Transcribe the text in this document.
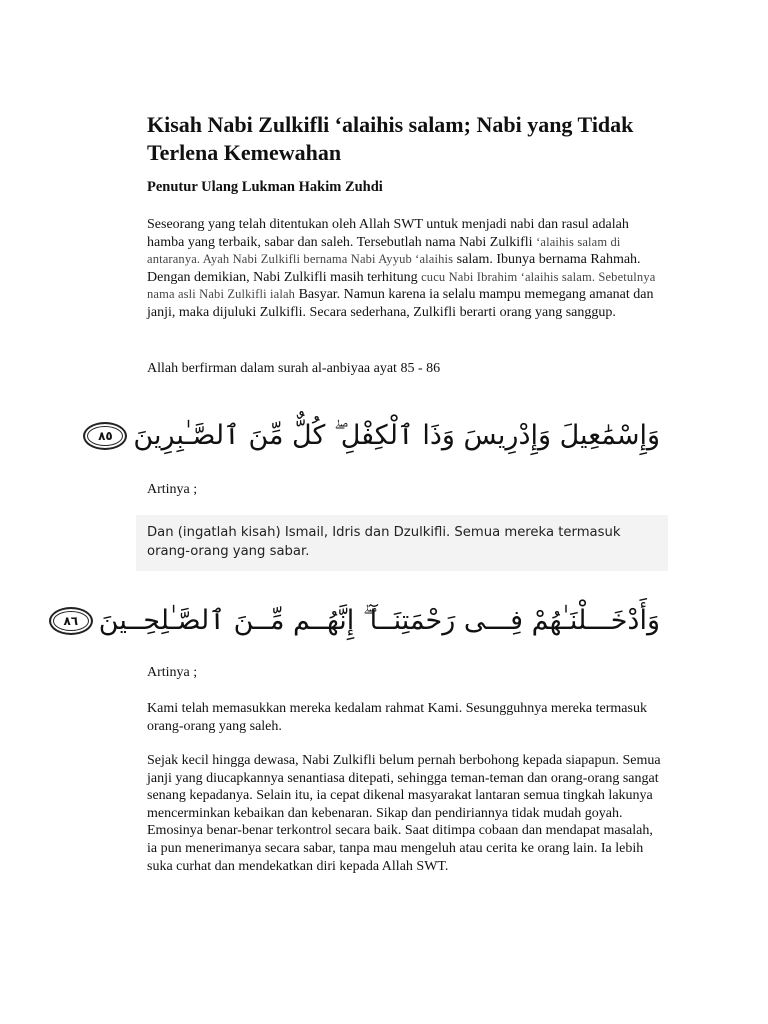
Kisah Nabi Zulkifli ‘alaihis salam; Nabi yang Tidak Terlena Kemewahan

Penutur Ulang Lukman Hakim Zuhdi

Seseorang yang telah ditentukan oleh Allah SWT untuk menjadi nabi dan rasul adalah hamba yang terbaik, sabar dan saleh. Tersebutlah nama Nabi Zulkifli ‘alaihis salam di antaranya. Ayah Nabi Zulkifli bernama Nabi Ayyub ‘alaihis salam. Ibunya bernama Rahmah. Dengan demikian, Nabi Zulkifli masih terhitung cucu Nabi Ibrahim ‘alaihis salam. Sebetulnya nama asli Nabi Zulkifli ialah Basyar. Namun karena ia selalu mampu memegang amanat dan janji, maka dijuluki Zulkifli. Secara sederhana, Zulkifli berarti orang yang sanggup.

Allah berfirman dalam surah al-anbiyaa ayat 85 - 86

٨٥ وَإِسْمَٰعِيلَ وَإِدْرِيسَ وَذَا ٱلْكِفْلِ ۖ كُلٌّ مِّنَ ٱلصَّـٰبِرِينَ

Artinya ;

Dan (ingatlah kisah) Ismail, Idris dan Dzulkifli. Semua mereka termasuk orang-orang yang sabar.

٨٦ وَأَدْخَـــلْنَـٰهُمْ فِـــى رَحْمَتِنَــآ ۖ إِنَّهُــم مِّــنَ ٱلصَّـٰلِحِــينَ

Artinya ;

Kami telah memasukkan mereka kedalam rahmat Kami. Sesungguhnya mereka termasuk orang-orang yang saleh.

Sejak kecil hingga dewasa, Nabi Zulkifli belum pernah berbohong kepada siapapun. Semua janji yang diucapkannya senantiasa ditepati, sehingga teman-teman dan orang-orang sangat senang kepadanya. Selain itu, ia cepat dikenal masyarakat lantaran semua tingkah lakunya mencerminkan kebaikan dan kebenaran. Sikap dan pendiriannya tidak mudah goyah. Emosinya benar-benar terkontrol secara baik. Saat ditimpa cobaan dan mendapat masalah, ia pun menerimanya secara sabar, tanpa mau mengeluh atau cerita ke orang lain. Ia lebih suka curhat dan mendekatkan diri kepada Allah SWT.
